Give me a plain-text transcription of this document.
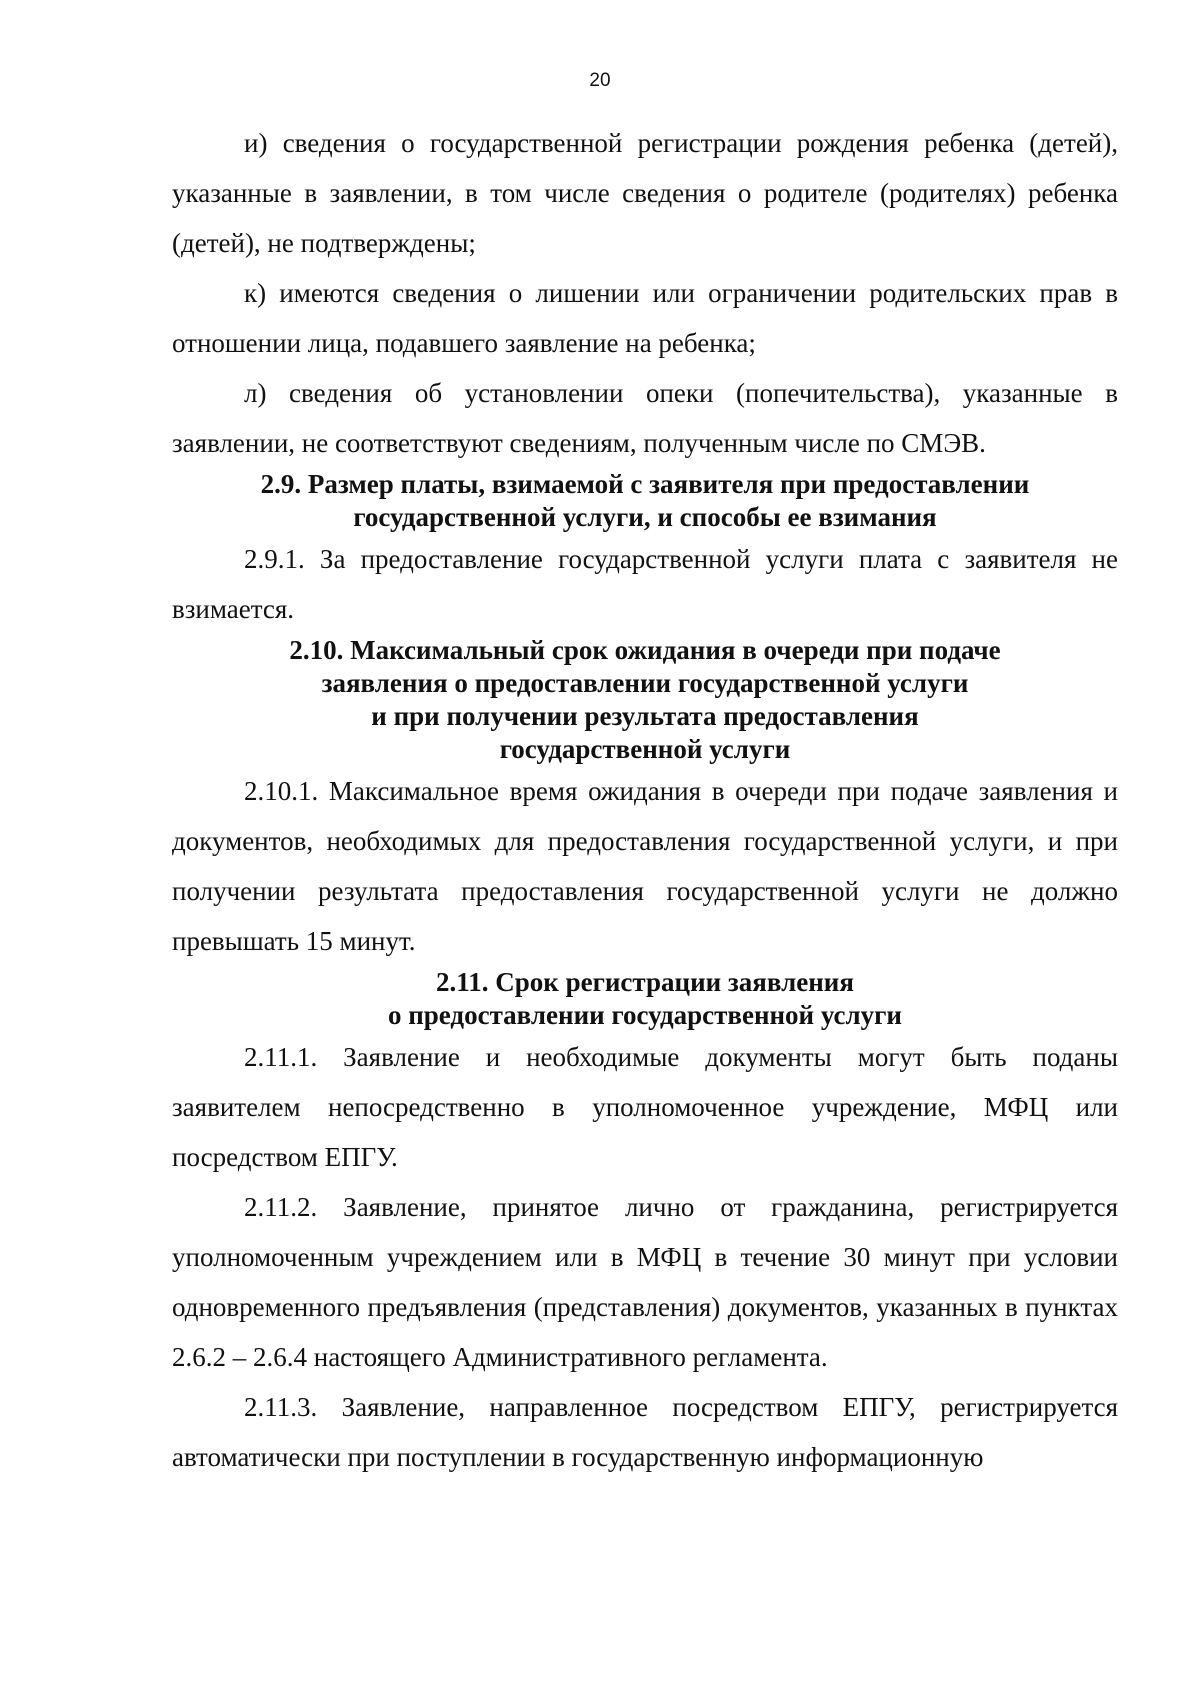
20

и) сведения о государственной регистрации рождения ребенка (детей), указанные в заявлении, в том числе сведения о родителе (родителях) ребенка (детей), не подтверждены;

к) имеются сведения о лишении или ограничении родительских прав в отношении лица, подавшего заявление на ребенка;

л) сведения об установлении опеки (попечительства), указанные в заявлении, не соответствуют сведениям, полученным числе по СМЭВ.

2.9. Размер платы, взимаемой с заявителя при предоставлении
государственной услуги, и способы ее взимания

2.9.1. За предоставление государственной услуги плата с заявителя не взимается.

2.10. Максимальный срок ожидания в очереди при подаче
заявления о предоставлении государственной услуги
и при получении результата предоставления
государственной услуги

2.10.1. Максимальное время ожидания в очереди при подаче заявления и документов, необходимых для предоставления государственной услуги, и при получении результата предоставления государственной услуги не должно превышать 15 минут.

2.11. Срок регистрации заявления
о предоставлении государственной услуги

2.11.1. Заявление и необходимые документы могут быть поданы заявителем непосредственно в уполномоченное учреждение, МФЦ или посредством ЕПГУ.

2.11.2. Заявление, принятое лично от гражданина, регистрируется уполномоченным учреждением или в МФЦ в течение 30 минут при условии одновременного предъявления (представления) документов, указанных в пунктах 2.6.2 – 2.6.4 настоящего Административного регламента.

2.11.3. Заявление, направленное посредством ЕПГУ, регистрируется автоматически при поступлении в государственную информационную
